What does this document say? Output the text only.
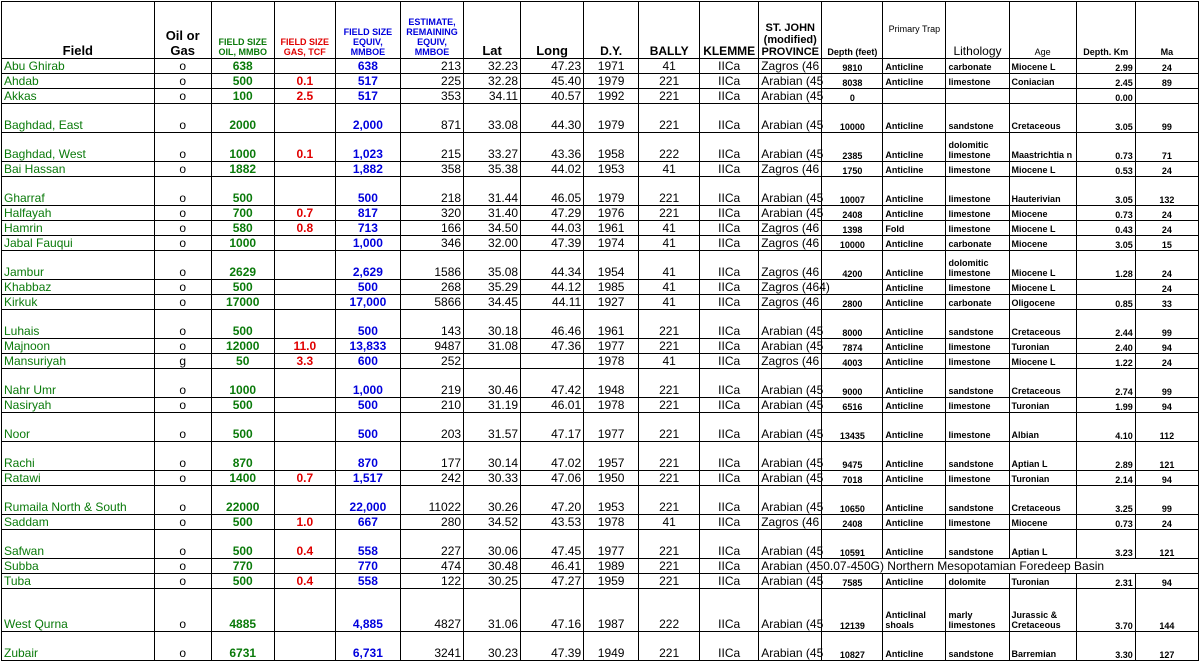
Field	Oil or Gas	FIELD SIZE OIL, MMBO	FIELD SIZE GAS, TCF	FIELD SIZE EQUIV, MMBOE	ESTIMATE, REMAINING EQUIV, MMBOE	Lat	Long	D.Y.	BALLY	KLEMME	ST. JOHN (modified) PROVINCE	Depth (feet)	Primary Trap	Lithology	Age	Depth. Km	Ma
Abu Ghirab	o	638		638	213	32.23	47.23	1971	41	IICa	Zagros (46	9810	Anticline	carbonate	Miocene L	2.99	24
Ahdab	o	500	0.1	517	225	32.28	45.40	1979	221	IICa	Arabian (45	8038	Anticline	limestone	Coniacian	2.45	89
Akkas	o	100	2.5	517	353	34.11	40.57	1992	221	IICa	Arabian (45	0				0.00	
Baghdad, East	o	2000		2,000	871	33.08	44.30	1979	221	IICa	Arabian (45	10000	Anticline	sandstone	Cretaceous	3.05	99
Baghdad, West	o	1000	0.1	1,023	215	33.27	43.36	1958	222	IICa	Arabian (45	2385	Anticline	dolomitic limestone	Maastrichtia n	0.73	71
Bai Hassan	o	1882		1,882	358	35.38	44.02	1953	41	IICa	Zagros (46	1750	Anticline	limestone	Miocene L	0.53	24
Gharraf	o	500		500	218	31.44	46.05	1979	221	IICa	Arabian (45	10007	Anticline	limestone	Hauterivian	3.05	132
Halfayah	o	700	0.7	817	320	31.40	47.29	1976	221	IICa	Arabian (45	2408	Anticline	limestone	Miocene	0.73	24
Hamrin	o	580	0.8	713	166	34.50	44.03	1961	41	IICa	Zagros (46	1398	Fold	limestone	Miocene L	0.43	24
Jabal Fauqui	o	1000		1,000	346	32.00	47.39	1974	41	IICa	Zagros (46	10000	Anticline	carbonate	Miocene	3.05	15
Jambur	o	2629		2,629	1586	35.08	44.34	1954	41	IICa	Zagros (46	4200	Anticline	dolomitic limestone	Miocene L	1.28	24
Khabbaz	o	500		500	268	35.29	44.12	1985	41	IICa	Zagros (464)		Anticline	limestone	Miocene L		24
Kirkuk	o	17000		17,000	5866	34.45	44.11	1927	41	IICa	Zagros (46	2800	Anticline	carbonate	Oligocene	0.85	33
Luhais	o	500		500	143	30.18	46.46	1961	221	IICa	Arabian (45	8000	Anticline	sandstone	Cretaceous	2.44	99
Majnoon	o	12000	11.0	13,833	9487	31.08	47.36	1977	221	IICa	Arabian (45	7874	Anticline	limestone	Turonian	2.40	94
Mansuriyah	g	50	3.3	600	252			1978	41	IICa	Zagros (46	4003	Anticline	limestone	Miocene L	1.22	24
Nahr Umr	o	1000		1,000	219	30.46	47.42	1948	221	IICa	Arabian (45	9000	Anticline	sandstone	Cretaceous	2.74	99
Nasiryah	o	500		500	210	31.19	46.01	1978	221	IICa	Arabian (45	6516	Anticline	limestone	Turonian	1.99	94
Noor	o	500		500	203	31.57	47.17	1977	221	IICa	Arabian (45	13435	Anticline	limestone	Albian	4.10	112
Rachi	o	870		870	177	30.14	47.02	1957	221	IICa	Arabian (45	9475	Anticline	sandstone	Aptian L	2.89	121
Ratawi	o	1400	0.7	1,517	242	30.33	47.06	1950	221	IICa	Arabian (45	7018	Anticline	limestone	Turonian	2.14	94
Rumaila North & South	o	22000		22,000	11022	30.26	47.20	1953	221	IICa	Arabian (45	10650	Anticline	sandstone	Cretaceous	3.25	99
Saddam	o	500	1.0	667	280	34.52	43.53	1978	41	IICa	Zagros (46	2408	Anticline	limestone	Miocene	0.73	24
Safwan	o	500	0.4	558	227	30.06	47.45	1977	221	IICa	Arabian (45	10591	Anticline	sandstone	Aptian L	3.23	121
Subba	o	770		770	474	30.48	46.41	1989	221	IICa	Arabian (450.07-450G) Northern Mesopotamian Foredeep Basin						
Tuba	o	500	0.4	558	122	30.25	47.27	1959	221	IICa	Arabian (45	7585	Anticline	dolomite	Turonian	2.31	94
West Qurna	o	4885		4,885	4827	31.06	47.16	1987	222	IICa	Arabian (45	12139	Anticlinal shoals	marly limestones	Jurassic & Cretaceous	3.70	144
Zubair	o	6731		6,731	3241	30.23	47.39	1949	221	IICa	Arabian (45	10827	Anticline	sandstone	Barremian	3.30	127
